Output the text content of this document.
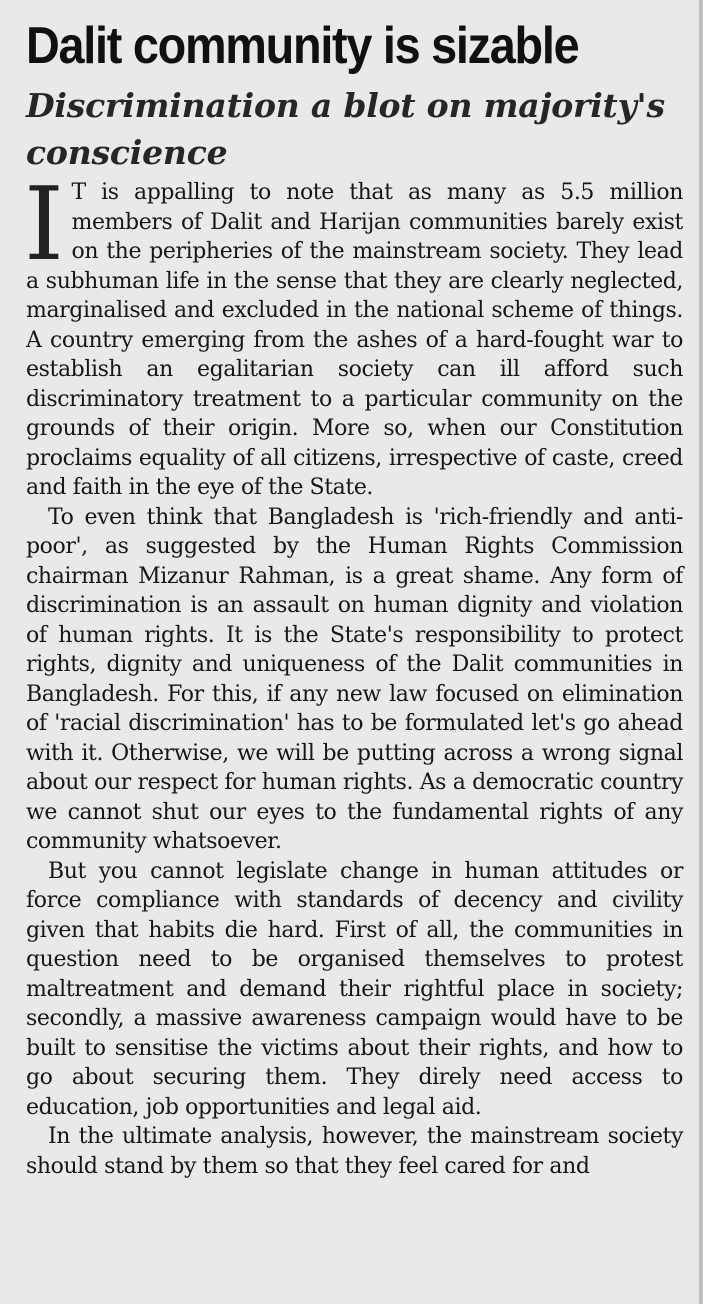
Dalit community is sizable
Discrimination a blot on majority's conscience

I T is appalling to note that as many as 5.5 million members of Dalit and Harijan communities barely exist on the peripheries of the mainstream society. They lead a subhuman life in the sense that they are clearly neglected, marginalised and excluded in the national scheme of things. A country emerging from the ashes of a hard-fought war to establish an egalitarian society can ill afford such discriminatory treatment to a particular community on the grounds of their origin. More so, when our Constitution proclaims equality of all citizens, irrespective of caste, creed and faith in the eye of the State.

To even think that Bangladesh is 'rich-friendly and anti-poor', as suggested by the Human Rights Commission chairman Mizanur Rahman, is a great shame. Any form of discrimination is an assault on human dignity and violation of human rights. It is the State's responsibility to protect rights, dignity and uniqueness of the Dalit communities in Bangladesh. For this, if any new law focused on elimination of 'racial discrimination' has to be formulated let's go ahead with it. Otherwise, we will be putting across a wrong signal about our respect for human rights. As a democratic country we cannot shut our eyes to the fundamental rights of any community whatsoever.

But you cannot legislate change in human attitudes or force compliance with standards of decency and civility given that habits die hard. First of all, the communities in question need to be organised themselves to protest maltreatment and demand their rightful place in society; secondly, a massive awareness campaign would have to be built to sensitise the victims about their rights, and how to go about securing them. They direly need access to education, job opportunities and legal aid.

In the ultimate analysis, however, the mainstream society should stand by them so that they feel cared for and
